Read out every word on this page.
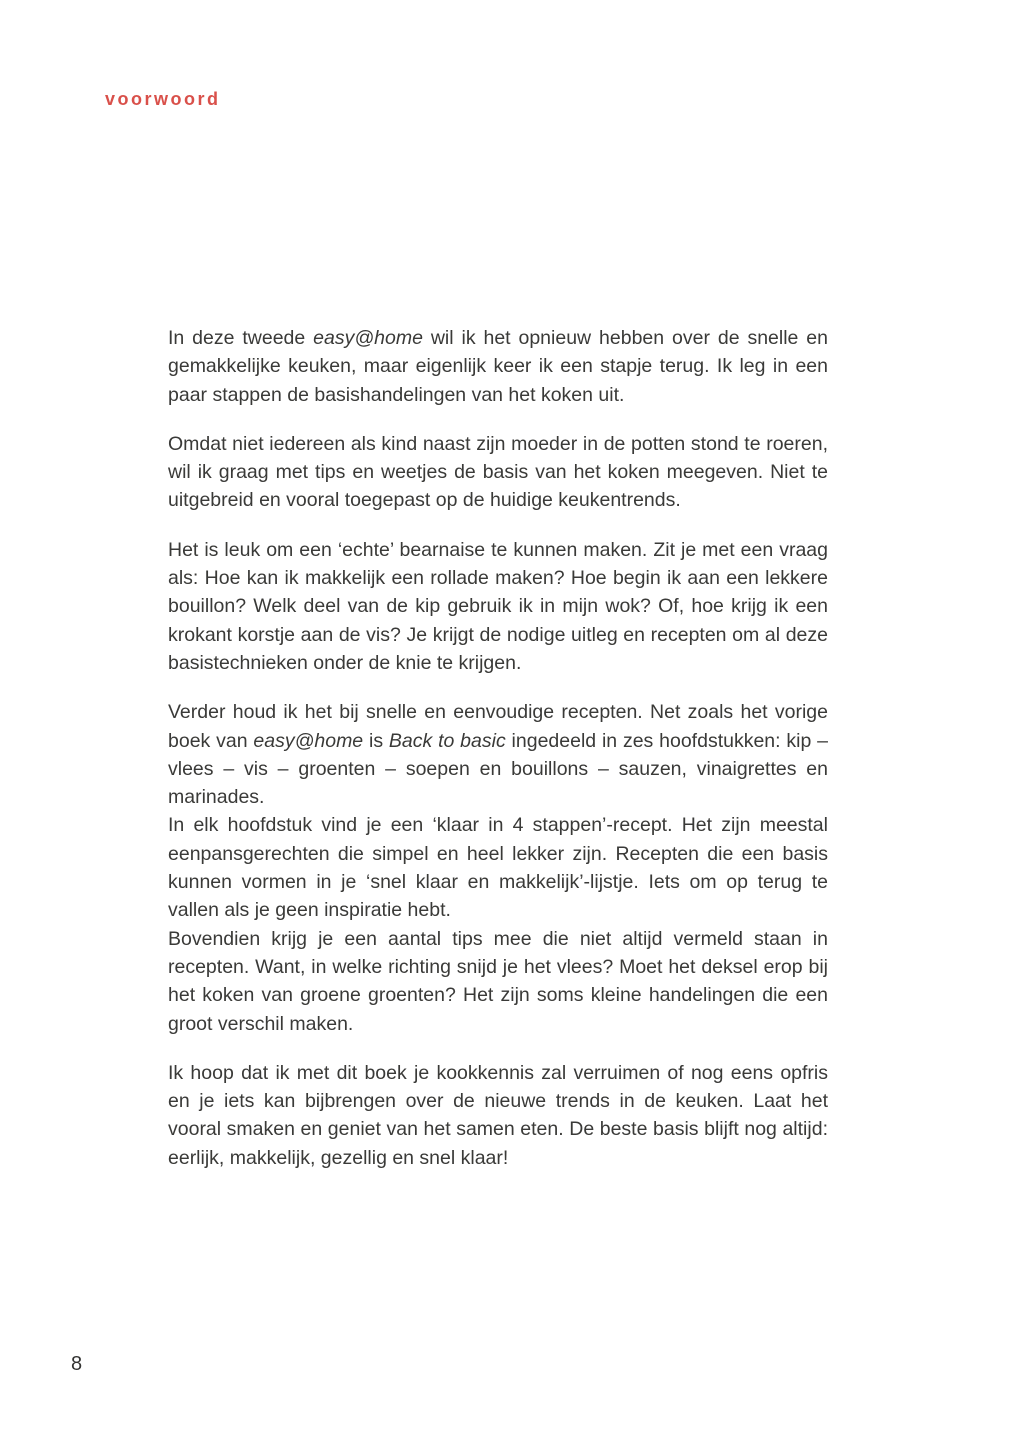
voorwoord

In deze tweede easy@home wil ik het opnieuw hebben over de snelle en gemakkelijke keuken, maar eigenlijk keer ik een stapje terug. Ik leg in een paar stappen de basishandelingen van het koken uit.

Omdat niet iedereen als kind naast zijn moeder in de potten stond te roeren, wil ik graag met tips en weetjes de basis van het koken meegeven. Niet te uitgebreid en vooral toegepast op de huidige keukentrends.

Het is leuk om een ‘echte’ bearnaise te kunnen maken. Zit je met een vraag als: Hoe kan ik makkelijk een rollade maken? Hoe begin ik aan een lekkere bouillon? Welk deel van de kip gebruik ik in mijn wok? Of, hoe krijg ik een krokant korstje aan de vis? Je krijgt de nodige uitleg en recepten om al deze basistechnieken onder de knie te krijgen.

Verder houd ik het bij snelle en eenvoudige recepten. Net zoals het vorige boek van easy@home is Back to basic ingedeeld in zes hoofdstukken: kip – vlees – vis – groenten – soepen en bouillons – sauzen, vinaigrettes en marinades.

In elk hoofdstuk vind je een ‘klaar in 4 stappen’-recept. Het zijn meestal eenpansgerechten die simpel en heel lekker zijn. Recepten die een basis kunnen vormen in je ‘snel klaar en makkelijk’-lijstje. Iets om op terug te vallen als je geen inspiratie hebt.

Bovendien krijg je een aantal tips mee die niet altijd vermeld staan in recepten. Want, in welke richting snijd je het vlees? Moet het deksel erop bij het koken van groene groenten? Het zijn soms kleine handelingen die een groot verschil maken.

Ik hoop dat ik met dit boek je kookkennis zal verruimen of nog eens opfris en je iets kan bijbrengen over de nieuwe trends in de keuken. Laat het vooral smaken en geniet van het samen eten. De beste basis blijft nog altijd: eerlijk, makkelijk, gezellig en snel klaar!

8
